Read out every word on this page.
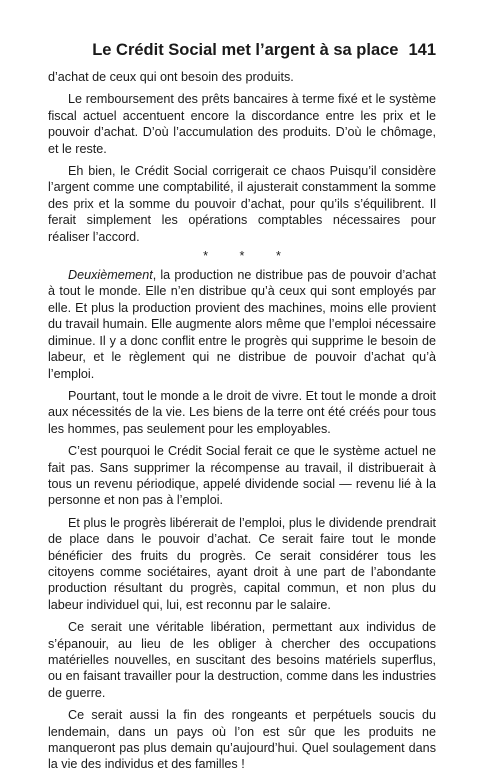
Le Crédit Social met l’argent à sa place 141

d’achat de ceux qui ont besoin des produits.

Le remboursement des prêts bancaires à terme fixé et le système fiscal actuel accentuent encore la discordance entre les prix et le pouvoir d’achat. D’où l’accumulation des produits. D’où le chômage, et le reste.

Eh bien, le Crédit Social corrigerait ce chaos Puisqu’il considère l’argent comme une comptabilité, il ajusterait constamment la somme des prix et la somme du pouvoir d’achat, pour qu’ils s’équilibrent. Il ferait simplement les opérations comptables nécessaires pour réaliser l’accord.

*	*	*

Deuxièmement, la production ne distribue pas de pouvoir d’achat à tout le monde. Elle n’en distribue qu’à ceux qui sont employés par elle. Et plus la production provient des machines, moins elle provient du travail humain. Elle augmente alors même que l’emploi nécessaire diminue. Il y a donc conflit entre le progrès qui supprime le besoin de labeur, et le règlement qui ne distribue de pouvoir d’achat qu’à l’emploi.

Pourtant, tout le monde a le droit de vivre. Et tout le monde a droit aux nécessités de la vie. Les biens de la terre ont été créés pour tous les hommes, pas seulement pour les employables.

C’est pourquoi le Crédit Social ferait ce que le système actuel ne fait pas. Sans supprimer la récompense au travail, il distribuerait à tous un revenu périodique, appelé dividende social — revenu lié à la personne et non pas à l’emploi.

Et plus le progrès libérerait de l’emploi, plus le dividende prendrait de place dans le pouvoir d’achat. Ce serait faire tout le monde bénéficier des fruits du progrès. Ce serait considérer tous les citoyens comme sociétaires, ayant droit à une part de l’abondante production résultant du progrès, capital commun, et non plus du labeur individuel qui, lui, est reconnu par le salaire.

Ce serait une véritable libération, permettant aux individus de s’épanouir, au lieu de les obliger à chercher des occupations matérielles nouvelles, en suscitant des besoins matériels superflus, ou en faisant travailler pour la destruction, comme dans les industries de guerre.

Ce serait aussi la fin des rongeants et perpétuels soucis du lendemain, dans un pays où l’on est sûr que les produits ne manqueront pas plus demain qu’aujourd’hui. Quel soulagement dans la vie des individus et des familles !
